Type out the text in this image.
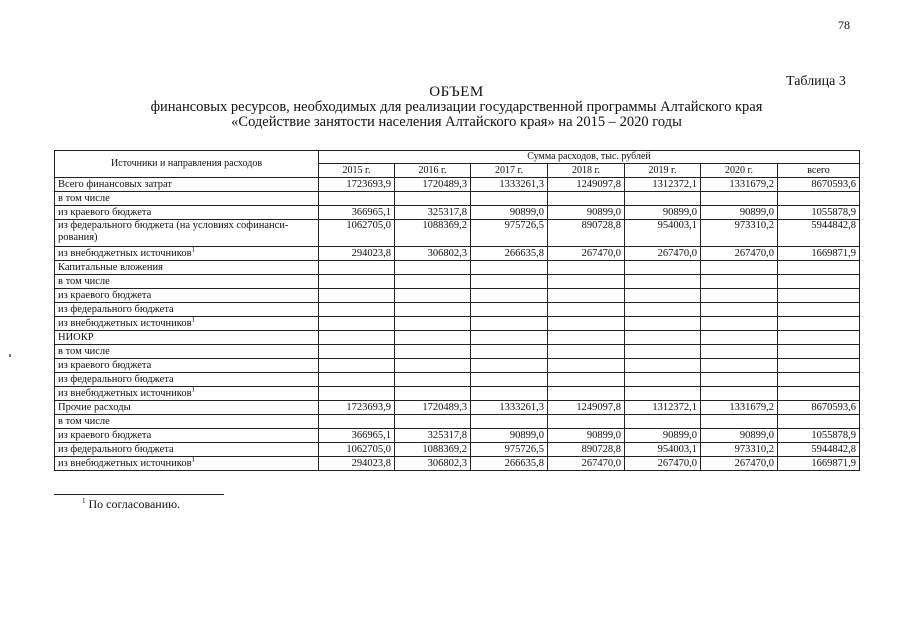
78
Таблица 3
ОБЪЕМ
финансовых ресурсов, необходимых для реализации государственной программы Алтайского края
«Содействие занятости населения Алтайского края» на 2015 – 2020 годы
Источники и направления расходов	Сумма расходов, тыс. рублей						
	2015 г.	2016 г.	2017 г.	2018 г.	2019 г.	2020 г.	всего
Всего финансовых затрат	1723693,9	1720489,3	1333261,3	1249097,8	1312372,1	1331679,2	8670593,6
в том числе							
из краевого бюджета	366965,1	325317,8	90899,0	90899,0	90899,0	90899,0	1055878,9
из федерального бюджета (на условиях софинанси-рования)	1062705,0	1088369,2	975726,5	890728,8	954003,1	973310,2	5944842,8
из внебюджетных источников$^1$	294023,8	306802,3	266635,8	267470,0	267470,0	267470,0	1669871,9
Капитальные вложения							
в том числе							
из краевого бюджета							
из федерального бюджета							
из внебюджетных источников$^1$							
НИОКР							
в том числе							
из краевого бюджета							
из федерального бюджета							
из внебюджетных источников$^1$							
Прочие расходы	1723693,9	1720489,3	1333261,3	1249097,8	1312372,1	1331679,2	8670593,6
в том числе							
из краевого бюджета	366965,1	325317,8	90899,0	90899,0	90899,0	90899,0	1055878,9
из федерального бюджета	1062705,0	1088369,2	975726,5	890728,8	954003,1	973310,2	5944842,8
из внебюджетных источников$^1$	294023,8	306802,3	266635,8	267470,0	267470,0	267470,0	1669871,9
$^1$ По согласованию.
